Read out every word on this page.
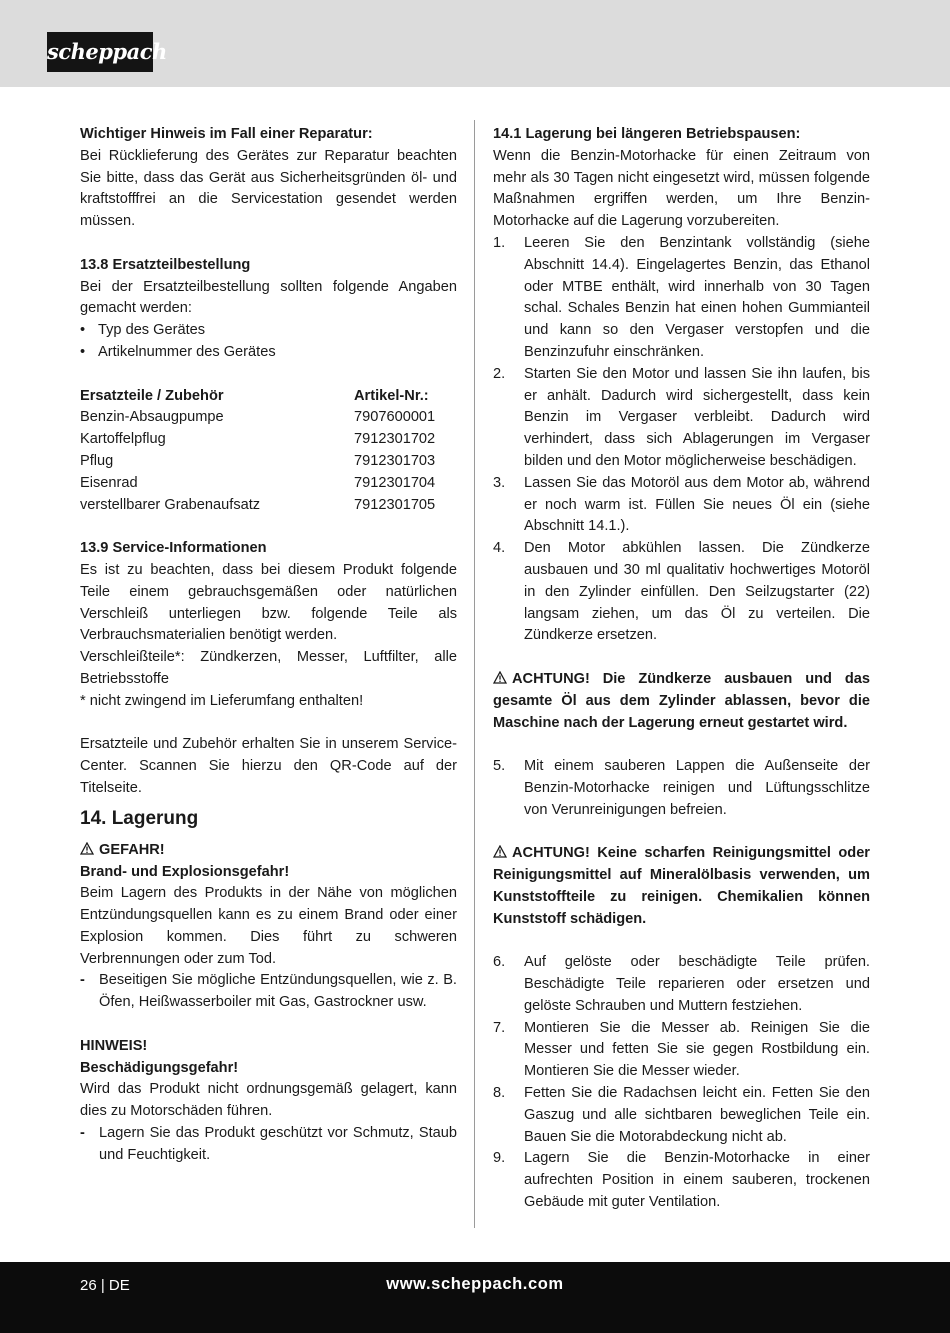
scheppach

Wichtiger Hinweis im Fall einer Reparatur:

Bei Rücklieferung des Gerätes zur Reparatur beachten Sie bitte, dass das Gerät aus Sicherheitsgründen öl- und kraftstofffrei an die Servicestation gesendet werden müssen.

13.8 Ersatzteilbestellung

Bei der Ersatzteilbestellung sollten folgende Angaben gemacht werden:

• Typ des Gerätes
• Artikelnummer des Gerätes
Ersatzteile / Zubehör	Artikel-Nr.:
Benzin-Absaugpumpe	7907600001
Kartoffelpflug	7912301702
Pflug	7912301703
Eisenrad	7912301704
verstellbarer Grabenaufsatz	7912301705

13.9 Service-Informationen

Es ist zu beachten, dass bei diesem Produkt folgende Teile einem gebrauchsgemäßen oder natürlichen Verschleiß unterliegen bzw. folgende Teile als Verbrauchsmaterialien benötigt werden.

Verschleißteile*: Zündkerzen, Messer, Luftfilter, alle Betriebsstoffe

* nicht zwingend im Lieferumfang enthalten!

Ersatzteile und Zubehör erhalten Sie in unserem Service-Center. Scannen Sie hierzu den QR-Code auf der Titelseite.

14. Lagerung

GEFAHR!

Brand- und Explosionsgefahr!

Beim Lagern des Produkts in der Nähe von möglichen Entzündungsquellen kann es zu einem Brand oder einer Explosion kommen. Dies führt zu schweren Verbrennungen oder zum Tod.

- Beseitigen Sie mögliche Entzündungsquellen, wie z. B. Öfen, Heißwasserboiler mit Gas, Gastrockner usw.

HINWEIS!

Beschädigungsgefahr!

Wird das Produkt nicht ordnungsgemäß gelagert, kann dies zu Motorschäden führen.

- Lagern Sie das Produkt geschützt vor Schmutz, Staub und Feuchtigkeit.

14.1 Lagerung bei längeren Betriebspausen:

Wenn die Benzin-Motorhacke für einen Zeitraum von mehr als 30 Tagen nicht eingesetzt wird, müssen folgende Maßnahmen ergriffen werden, um Ihre Benzin-Motorhacke auf die Lagerung vorzubereiten.

1. Leeren Sie den Benzintank vollständig (siehe Abschnitt 14.4). Eingelagertes Benzin, das Ethanol oder MTBE enthält, wird innerhalb von 30 Tagen schal. Schales Benzin hat einen hohen Gummianteil und kann so den Vergaser verstopfen und die Benzinzufuhr einschränken.
2. Starten Sie den Motor und lassen Sie ihn laufen, bis er anhält. Dadurch wird sichergestellt, dass kein Benzin im Vergaser verbleibt. Dadurch wird verhindert, dass sich Ablagerungen im Vergaser bilden und den Motor möglicherweise beschädigen.
3. Lassen Sie das Motoröl aus dem Motor ab, während er noch warm ist. Füllen Sie neues Öl ein (siehe Abschnitt 14.1.).
4. Den Motor abkühlen lassen. Die Zündkerze ausbauen und 30 ml qualitativ hochwertiges Motoröl in den Zylinder einfüllen. Den Seilzugstarter (22) langsam ziehen, um das Öl zu verteilen. Die Zündkerze ersetzen.

ACHTUNG! Die Zündkerze ausbauen und das gesamte Öl aus dem Zylinder ablassen, bevor die Maschine nach der Lagerung erneut gestartet wird.

5. Mit einem sauberen Lappen die Außenseite der Benzin-Motorhacke reinigen und Lüftungsschlitze von Verunreinigungen befreien.

ACHTUNG! Keine scharfen Reinigungsmittel oder Reinigungsmittel auf Mineralölbasis verwenden, um Kunststoffteile zu reinigen. Chemikalien können Kunststoff schädigen.

6. Auf gelöste oder beschädigte Teile prüfen. Beschädigte Teile reparieren oder ersetzen und gelöste Schrauben und Muttern festziehen.
7. Montieren Sie die Messer ab. Reinigen Sie die Messer und fetten Sie sie gegen Rostbildung ein. Montieren Sie die Messer wieder.
8. Fetten Sie die Radachsen leicht ein. Fetten Sie den Gaszug und alle sichtbaren beweglichen Teile ein. Bauen Sie die Motorabdeckung nicht ab.
9. Lagern Sie die Benzin-Motorhacke in einer aufrechten Position in einem sauberen, trockenen Gebäude mit guter Ventilation.
26 | DE	www.scheppach.com
